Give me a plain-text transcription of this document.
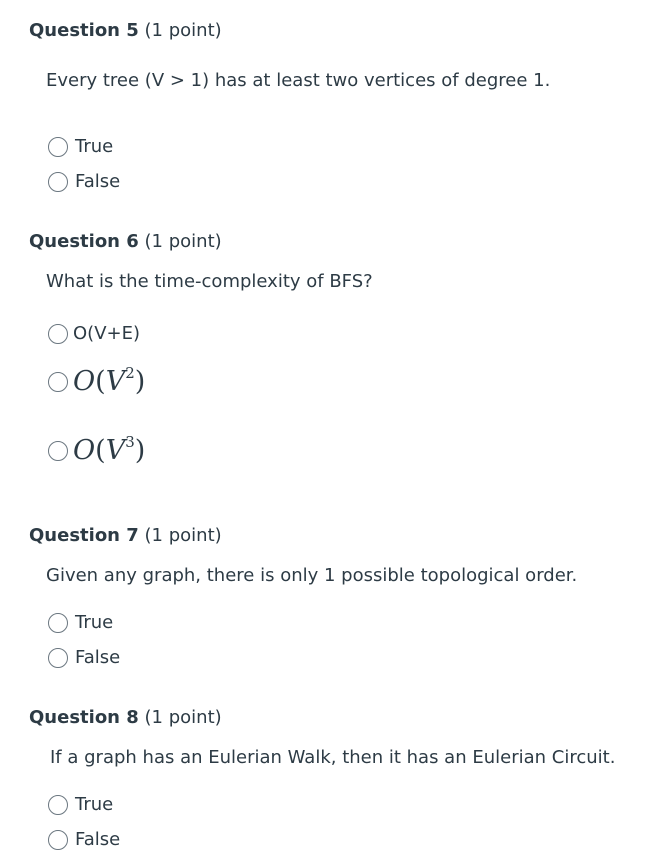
Question 5 (1 point)
Every tree (V > 1) has at least two vertices of degree 1.
True
False
Question 6 (1 point)
What is the time-complexity of BFS?
O(V+E)
$O(V^2)$
$O(V^3)$
Question 7 (1 point)
Given any graph, there is only 1 possible topological order.
True
False
Question 8 (1 point)
If a graph has an Eulerian Walk, then it has an Eulerian Circuit.
True
False
